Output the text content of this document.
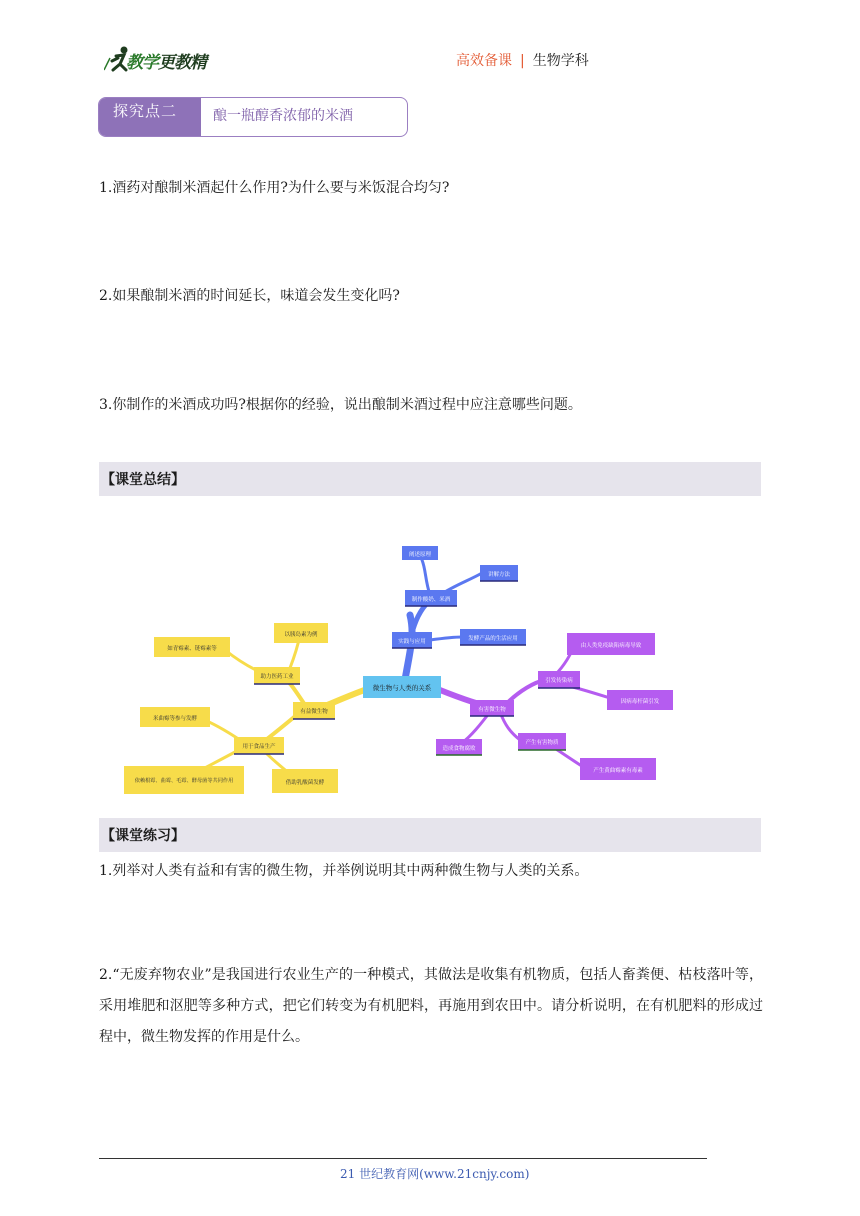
教学更教精	高效备课 | 生物学科
探究点二	酿一瓶醇香浓郁的米酒
1.酒药对酿制米酒起什么作用?为什么要与米饭混合均匀?
2.如果酿制米酒的时间延长，味道会发生变化吗?
3.你制作的米酒成功吗?根据你的经验，说出酿制米酒过程中应注意哪些问题。
【课堂总结】
微生物与人类的关系
实践与应用
制作酸奶、米酒
阐述原理
讲解方法
发酵产品的生活应用
有害微生物
引发传染病
由人类免疫缺陷病毒导致
因病毒杆菌引发
产生有害物质
产生黄曲霉素有毒素
造成食物腐败
有益微生物
助力医药工业
如青霉素、链霉素等
以胰岛素为例
用于食品生产
米曲霉等参与发酵
依赖根霉、曲霉、毛霉、酵母菌等共同作用	借助乳酸菌发酵
【课堂练习】
1.列举对人类有益和有害的微生物，并举例说明其中两种微生物与人类的关系。
2.“无废弃物农业”是我国进行农业生产的一种模式，其做法是收集有机物质，包括人畜粪便、枯枝落叶等，采用堆肥和沤肥等多种方式，把它们转变为有机肥料，再施用到农田中。请分析说明，在有机肥料的形成过程中，微生物发挥的作用是什么。
21 世纪教育网(www.21cnjy.com)
